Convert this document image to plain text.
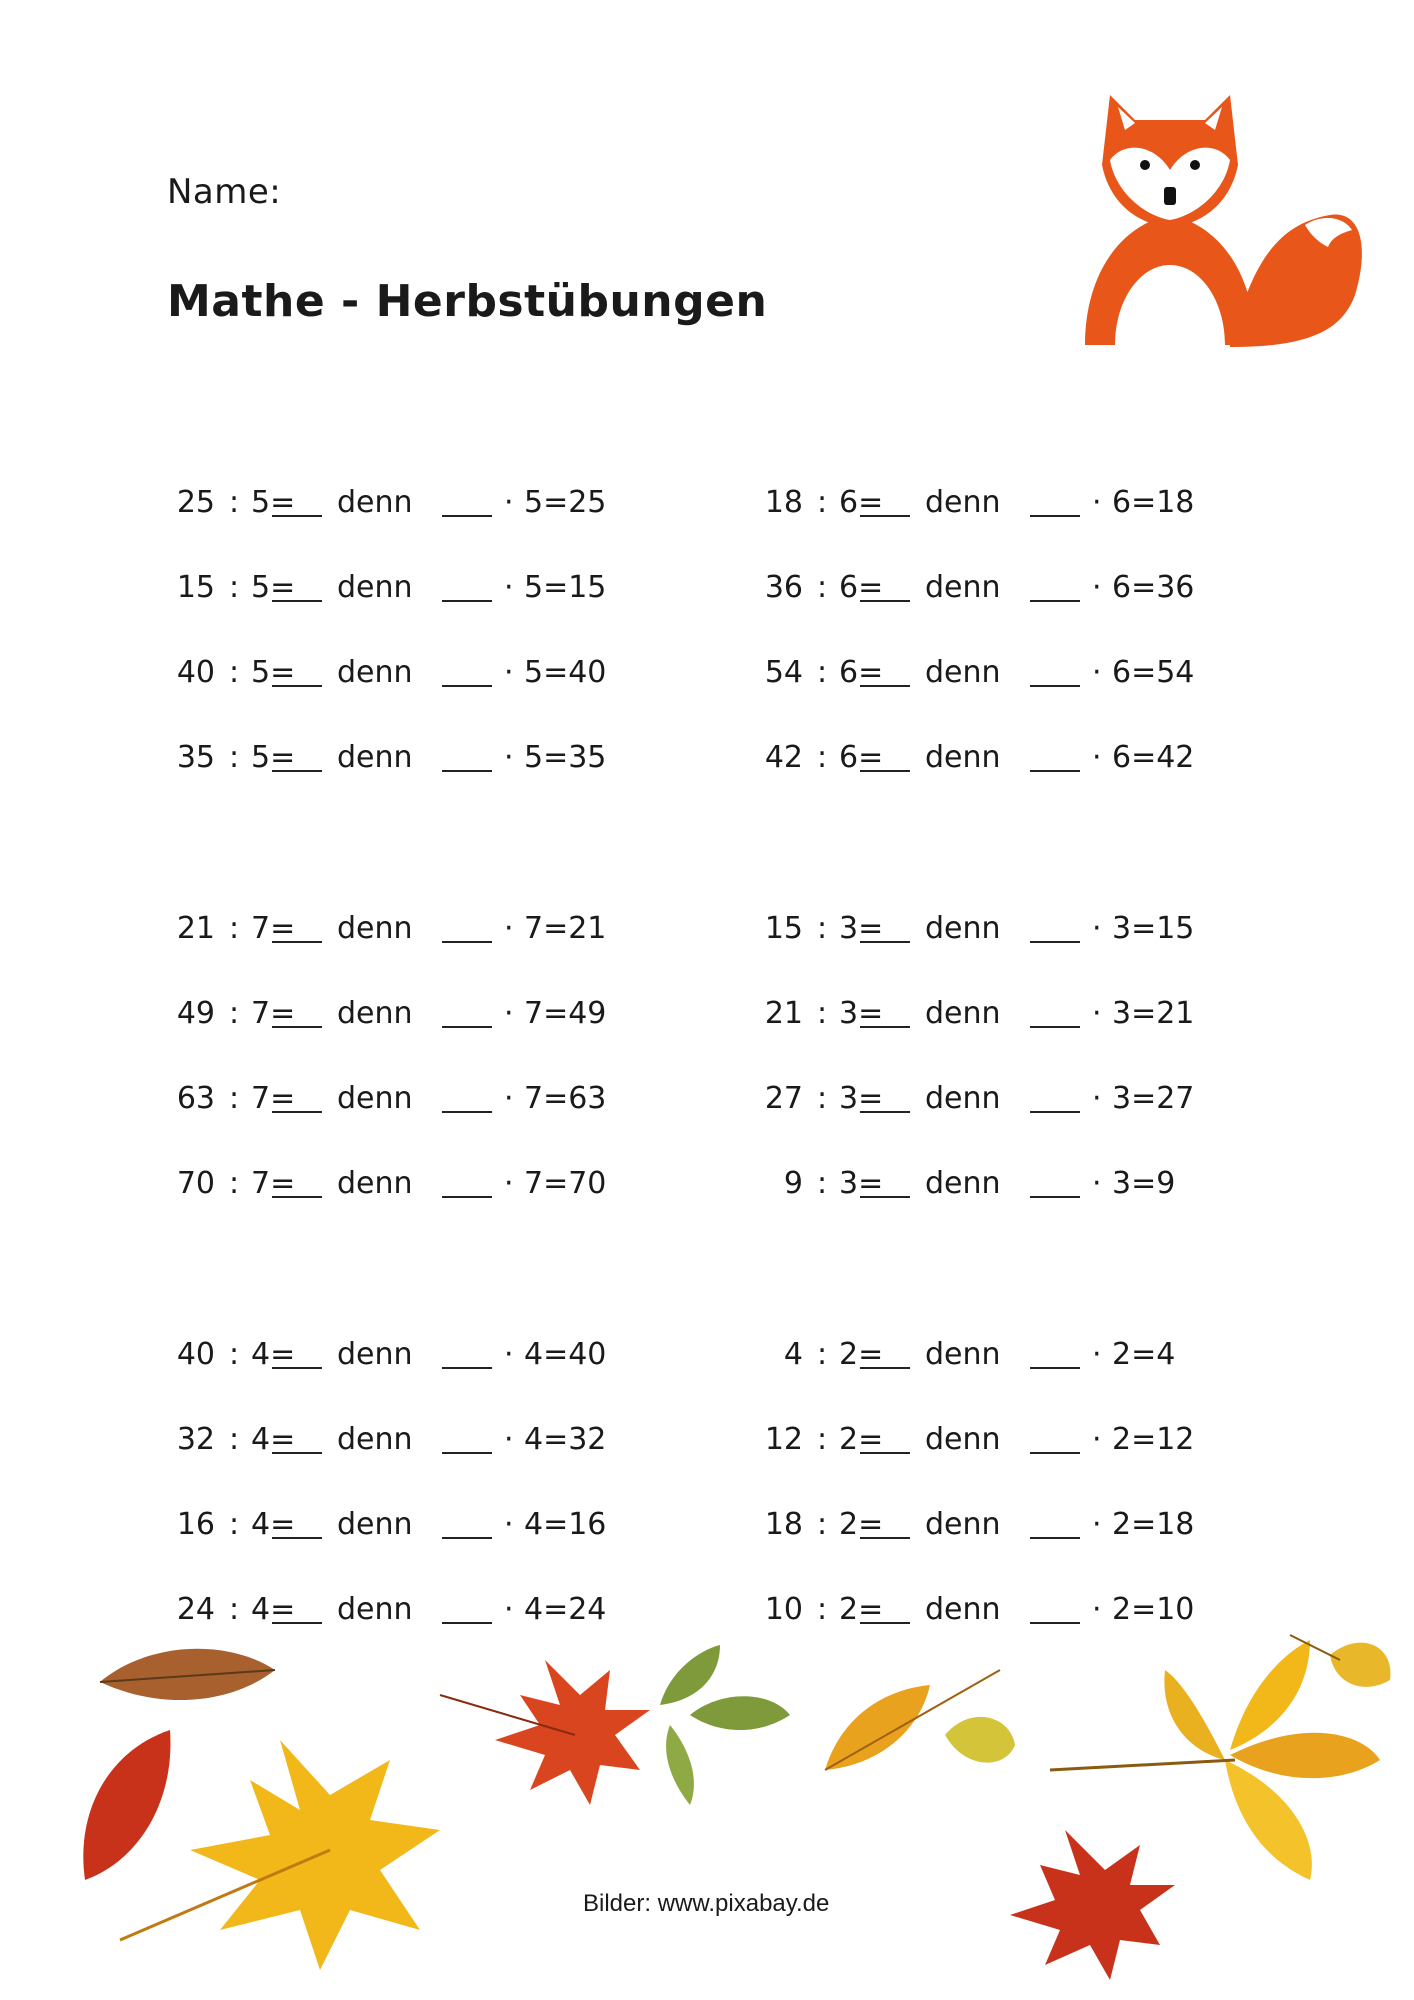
Name:
Mathe - Herbstübungen
25 : 5= denn	· 5=25
15 : 5= denn	· 5=15
40 : 5= denn	· 5=40
35 : 5= denn	· 5=35
21 : 7= denn	· 7=21
49 : 7= denn	· 7=49
63 : 7= denn	· 7=63
70 : 7= denn	· 7=70
40 : 4= denn	· 4=40
32 : 4= denn	· 4=32
16 : 4= denn	· 4=16
24 : 4= denn	· 4=24
18 : 6= denn	· 6=18
36 : 6= denn	· 6=36
54 : 6= denn	· 6=54
42 : 6= denn	· 6=42
15 : 3= denn	· 3=15
21 : 3= denn	· 3=21
27 : 3= denn	· 3=27
9 : 3= denn	· 3=9
4 : 2= denn	· 2=4
12 : 2= denn	· 2=12
18 : 2= denn	· 2=18
10 : 2= denn	· 2=10
Bilder: www.pixabay.de
